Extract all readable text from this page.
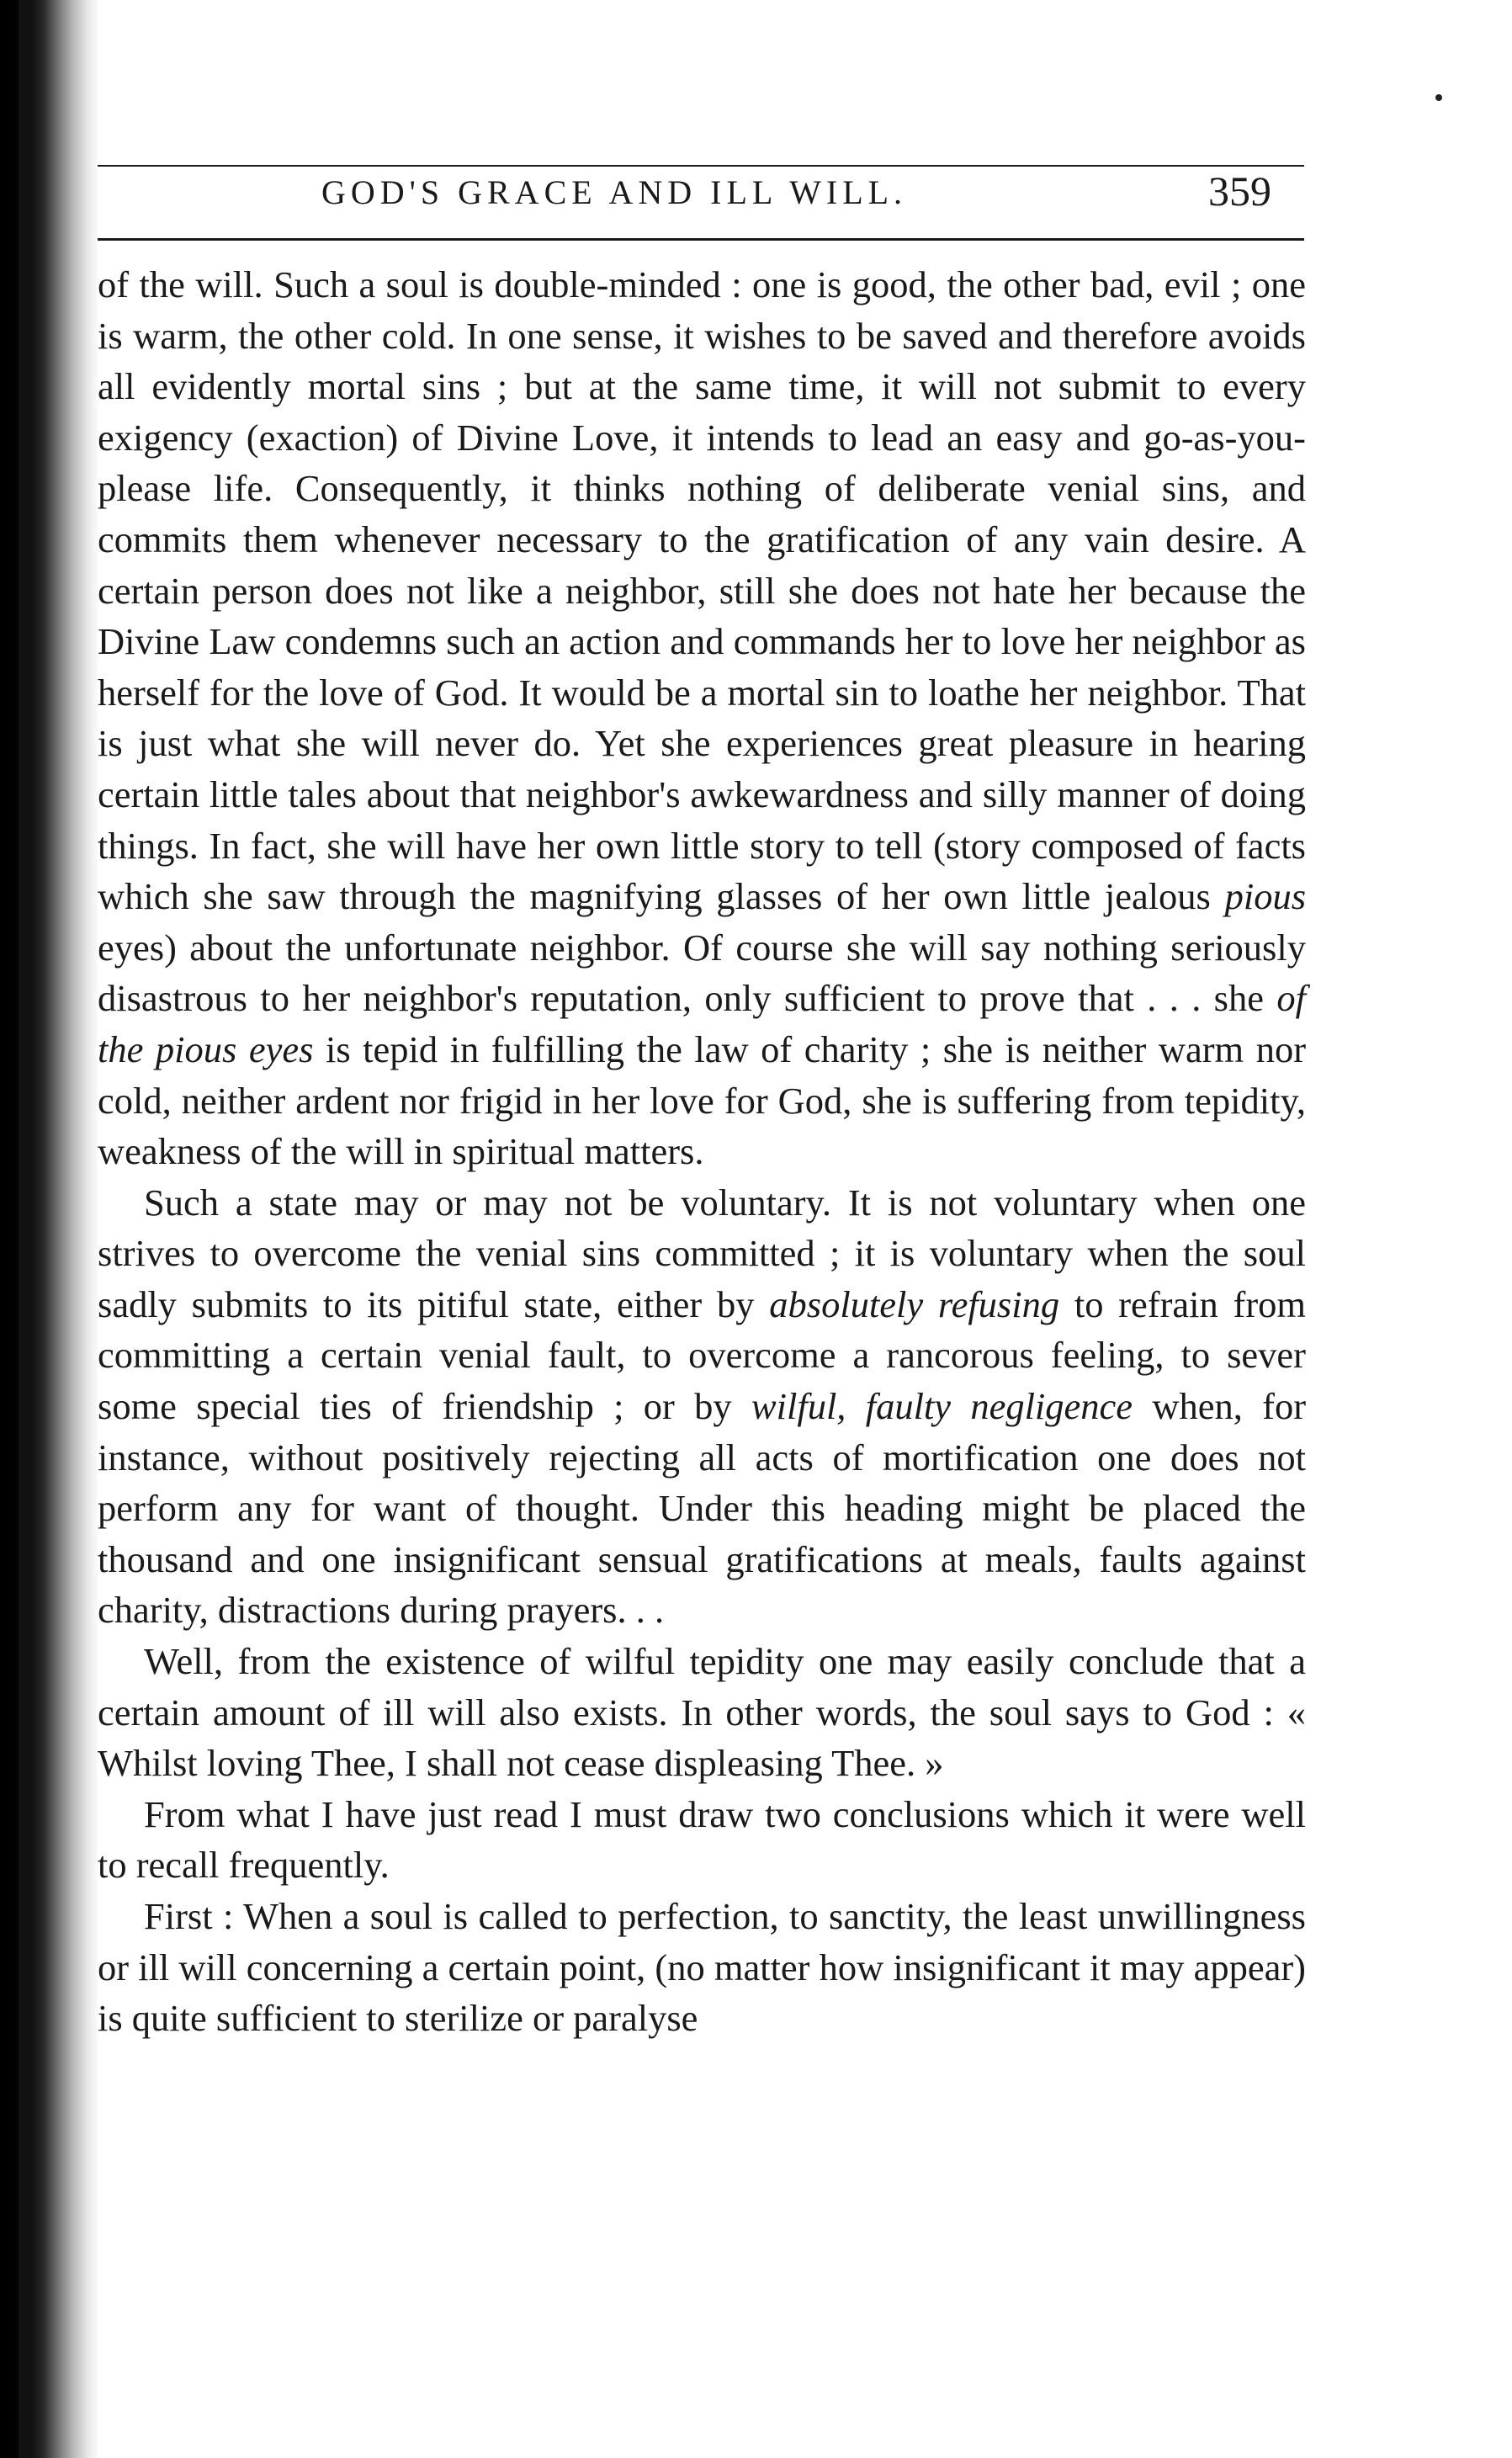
GOD'S GRACE AND ILL WILL.	359

of the will. Such a soul is double-minded : one is good, the other bad, evil ; one is warm, the other cold. In one sense, it wishes to be saved and therefore avoids all evidently mortal sins ; but at the same time, it will not submit to every exigency (exaction) of Divine Love, it intends to lead an easy and go-as-you-please life. Consequently, it thinks nothing of deliberate venial sins, and commits them whenever necessary to the gratification of any vain desire. A certain person does not like a neighbor, still she does not hate her because the Divine Law condemns such an action and commands her to love her neighbor as herself for the love of God. It would be a mortal sin to loathe her neighbor. That is just what she will never do. Yet she experiences great pleasure in hearing certain little tales about that neighbor's awkewardness and silly manner of doing things. In fact, she will have her own little story to tell (story composed of facts which she saw through the magnifying glasses of her own little jealous pious eyes) about the unfortunate neighbor. Of course she will say nothing seriously disastrous to her neighbor's reputation, only sufficient to prove that . . . she of the pious eyes is tepid in fulfilling the law of charity ; she is neither warm nor cold, neither ardent nor frigid in her love for God, she is suffering from tepidity, weakness of the will in spiritual matters.

Such a state may or may not be voluntary. It is not voluntary when one strives to overcome the venial sins committed ; it is voluntary when the soul sadly submits to its pitiful state, either by absolutely refusing to refrain from committing a certain venial fault, to overcome a rancorous feeling, to sever some special ties of friendship ; or by wilful, faulty negligence when, for instance, without positively rejecting all acts of mortification one does not perform any for want of thought. Under this heading might be placed the thousand and one insignificant sensual gratifications at meals, faults against charity, distractions during prayers. . .

Well, from the existence of wilful tepidity one may easily conclude that a certain amount of ill will also exists. In other words, the soul says to God : « Whilst loving Thee, I shall not cease displeasing Thee. »

From what I have just read I must draw two conclusions which it were well to recall frequently.

First : When a soul is called to perfection, to sanctity, the least unwillingness or ill will concerning a certain point, (no matter how insignificant it may appear) is quite sufficient to sterilize or paralyse
